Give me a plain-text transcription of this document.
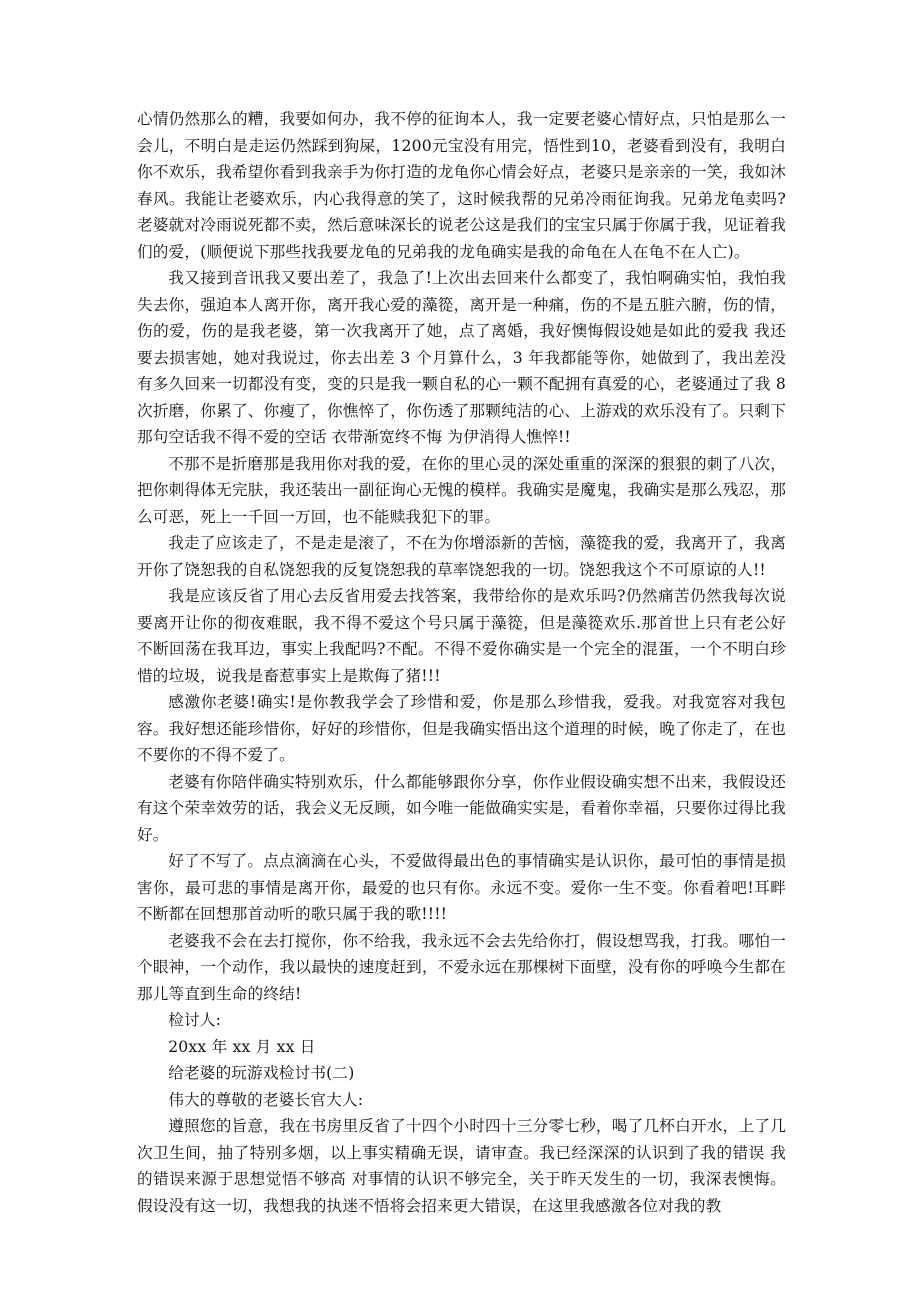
心情仍然那么的糟，我要如何办，我不停的征询本人，我一定要老婆心情好点，只怕是那么一会儿，不明白是走运仍然踩到狗屎，1200元宝没有用完，悟性到10，老婆看到没有，我明白你不欢乐，我希望你看到我亲手为你打造的龙龟你心情会好点，老婆只是亲亲的一笑，我如沐春风。我能让老婆欢乐，内心我得意的笑了，这时候我帮的兄弟冷雨征询我。兄弟龙龟卖吗?老婆就对冷雨说死都不卖，然后意味深长的说老公这是我们的宝宝只属于你属于我，见证着我们的爱，(顺便说下那些找我要龙龟的兄弟我的龙龟确实是我的命龟在人在龟不在人亡)。

我又接到音讯我又要出差了，我急了!上次出去回来什么都变了，我怕啊确实怕，我怕我失去你，强迫本人离开你，离开我心爱的藻篵，离开是一种痛，伤的不是五脏六腑，伤的情，伤的爱，伤的是我老婆，第一次我离开了她，点了离婚，我好懊悔假设她是如此的爱我 我还要去损害她，她对我说过，你去出差 3 个月算什么，3 年我都能等你，她做到了，我出差没有多久回来一切都没有变，变的只是我一颗自私的心一颗不配拥有真爱的心，老婆通过了我 8 次折磨，你累了、你瘦了，你憔悴了，你伤透了那颗纯洁的心、上游戏的欢乐没有了。只剩下那句空话我不得不爱的空话 衣带渐宽终不悔 为伊消得人憔悴!!

不那不是折磨那是我用你对我的爱，在你的里心灵的深处重重的深深的狠狠的刺了八次，把你刺得体无完肤，我还装出一副征询心无愧的模样。我确实是魔鬼，我确实是那么残忍，那么可恶，死上一千回一万回，也不能赎我犯下的罪。

我走了应该走了，不是走是滚了，不在为你增添新的苦恼，藻篵我的爱，我离开了，我离开你了饶恕我的自私饶恕我的反复饶恕我的草率饶恕我的一切。饶恕我这个不可原谅的人!!

我是应该反省了用心去反省用爱去找答案，我带给你的是欢乐吗?仍然痛苦仍然我每次说要离开让你的彻夜难眠，我不得不爱这个号只属于藻篵，但是藻篵欢乐.那首世上只有老公好不断回荡在我耳边，事实上我配吗?不配。不得不爱你确实是一个完全的混蛋，一个不明白珍惜的垃圾，说我是畜惹事实上是欺侮了猪!!!

感激你老婆!确实!是你教我学会了珍惜和爱，你是那么珍惜我，爱我。对我宽容对我包容。我好想还能珍惜你，好好的珍惜你，但是我确实悟出这个道理的时候，晚了你走了，在也不要你的不得不爱了。

老婆有你陪伴确实特别欢乐，什么都能够跟你分享，你作业假设确实想不出来，我假设还有这个荣幸效劳的话，我会义无反顾，如今唯一能做确实实是，看着你幸福，只要你过得比我好。

好了不写了。点点滴滴在心头，不爱做得最出色的事情确实是认识你，最可怕的事情是损害你，最可悲的事情是离开你，最爱的也只有你。永远不变。爱你一生不变。你看着吧!耳畔不断都在回想那首动听的歌只属于我的歌!!!!

老婆我不会在去打搅你，你不给我，我永远不会去先给你打，假设想骂我，打我。哪怕一个眼神，一个动作，我以最快的速度赶到，不爱永远在那棵树下面壁，没有你的呼唤今生都在那儿等直到生命的终结!

检讨人:

20xx 年 xx 月 xx 日

给老婆的玩游戏检讨书(二)

伟大的尊敬的老婆长官大人:

遵照您的旨意，我在书房里反省了十四个小时四十三分零七秒，喝了几杯白开水，上了几次卫生间，抽了特别多烟，以上事实精确无误，请审查。我已经深深的认识到了我的错误 我的错误来源于思想觉悟不够高 对事情的认识不够完全，关于昨天发生的一切，我深表懊悔。假设没有这一切，我想我的执迷不悟将会招来更大错误，在这里我感激各位对我的教
